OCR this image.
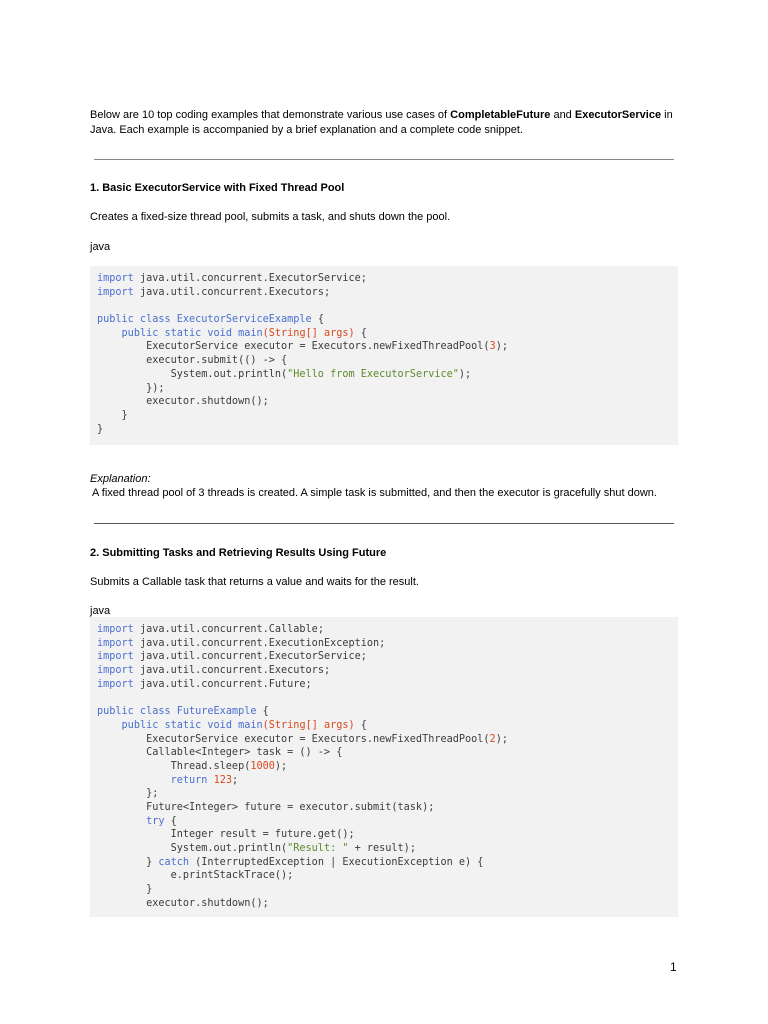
Below are 10 top coding examples that demonstrate various use cases of CompletableFuture and ExecutorService in Java. Each example is accompanied by a brief explanation and a complete code snippet.
1. Basic ExecutorService with Fixed Thread Pool
Creates a fixed-size thread pool, submits a task, and shuts down the pool.
java
import java.util.concurrent.ExecutorService;
import java.util.concurrent.Executors;

public class ExecutorServiceExample {
public static void main(String[] args) {
ExecutorService executor = Executors.newFixedThreadPool(3);
executor.submit(() -> {
System.out.println("Hello from ExecutorService");
});
executor.shutdown();
}
}
Explanation:
A fixed thread pool of 3 threads is created. A simple task is submitted, and then the executor is gracefully shut down.
2. Submitting Tasks and Retrieving Results Using Future
Submits a Callable task that returns a value and waits for the result.
java
import java.util.concurrent.Callable;
import java.util.concurrent.ExecutionException;
import java.util.concurrent.ExecutorService;
import java.util.concurrent.Executors;
import java.util.concurrent.Future;

public class FutureExample {
public static void main(String[] args) {
ExecutorService executor = Executors.newFixedThreadPool(2);
Callable<Integer> task = () -> {
Thread.sleep(1000);
return 123;
};
Future<Integer> future = executor.submit(task);
try {
Integer result = future.get();
System.out.println("Result: " + result);
} catch (InterruptedException | ExecutionException e) {
e.printStackTrace();
}
executor.shutdown();
1
